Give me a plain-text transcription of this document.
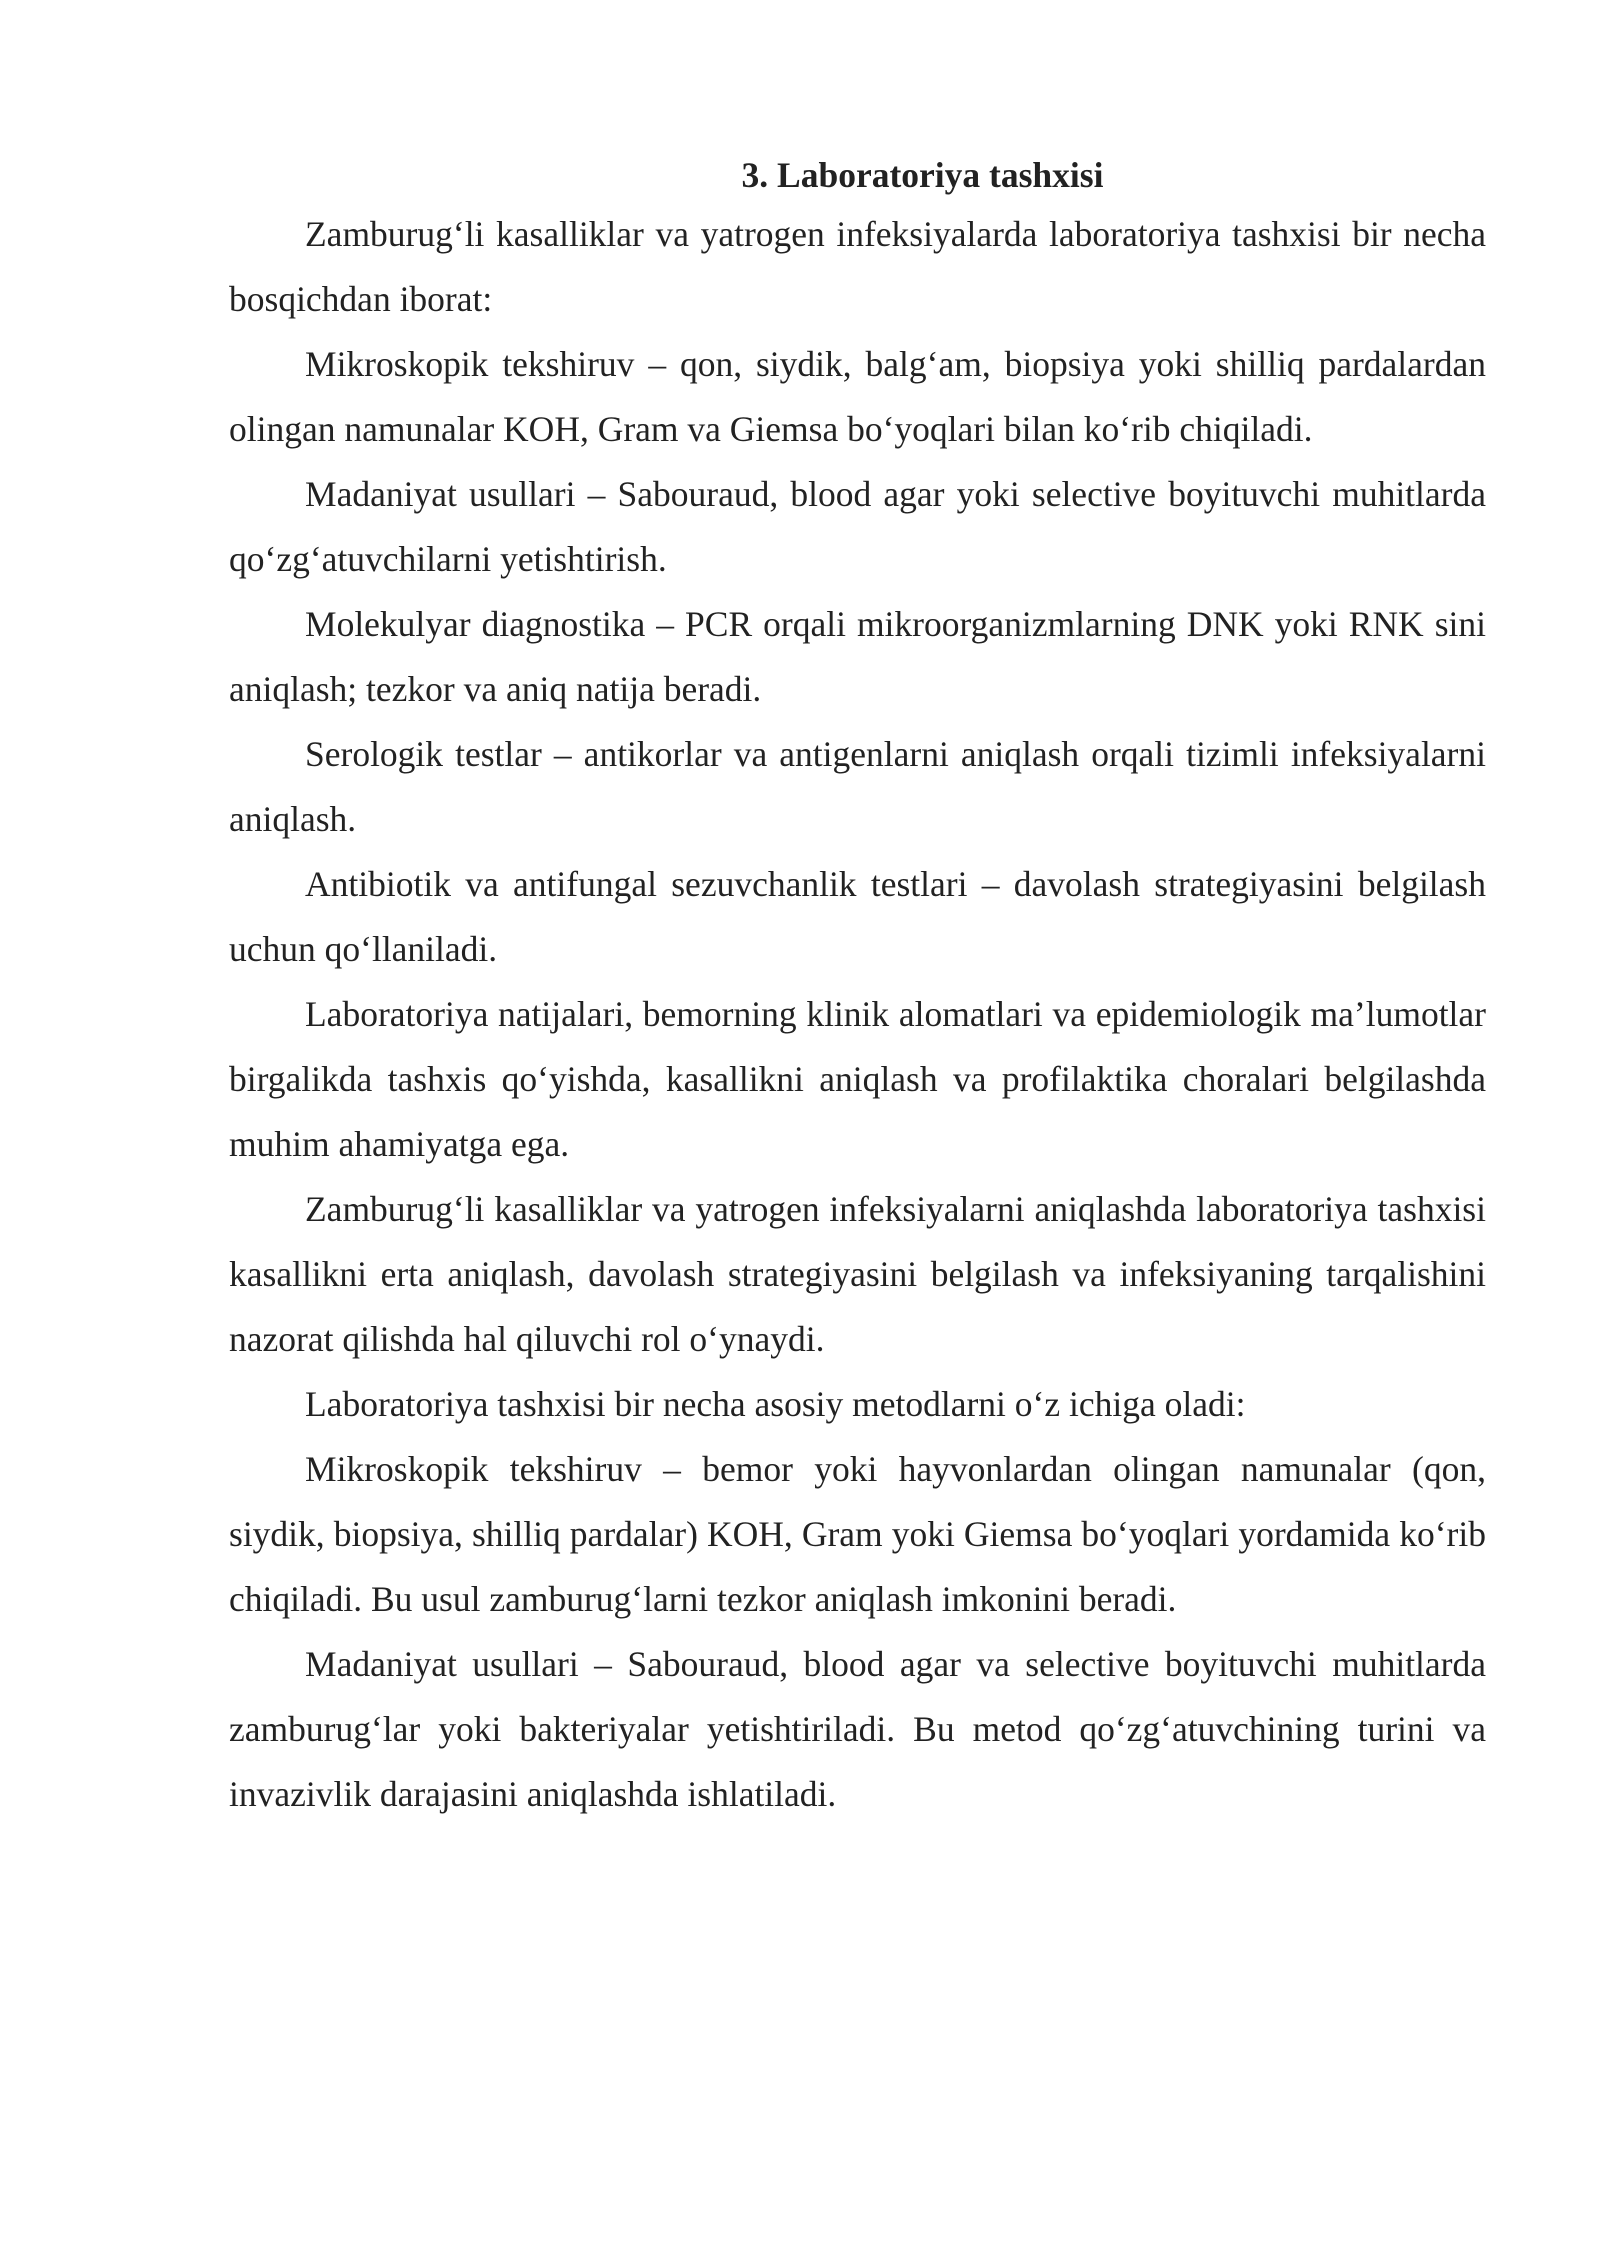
3. Laboratoriya tashxisi

Zamburug‘li kasalliklar va yatrogen infeksiyalarda laboratoriya tashxisi bir necha bosqichdan iborat:

Mikroskopik tekshiruv – qon, siydik, balg‘am, biopsiya yoki shilliq pardalardan olingan namunalar KOH, Gram va Giemsa bo‘yoqlari bilan ko‘rib chiqiladi.

Madaniyat usullari – Sabouraud, blood agar yoki selective boyituvchi muhitlarda qo‘zg‘atuvchilarni yetishtirish.

Molekulyar diagnostika – PCR orqali mikroorganizmlarning DNK yoki RNK sini aniqlash; tezkor va aniq natija beradi.

Serologik testlar – antikorlar va antigenlarni aniqlash orqali tizimli infeksiyalarni aniqlash.

Antibiotik va antifungal sezuvchanlik testlari – davolash strategiyasini belgilash uchun qo‘llaniladi.

Laboratoriya natijalari, bemorning klinik alomatlari va epidemiologik ma’lumotlar birgalikda tashxis qo‘yishda, kasallikni aniqlash va profilaktika choralari belgilashda muhim ahamiyatga ega.

Zamburug‘li kasalliklar va yatrogen infeksiyalarni aniqlashda laboratoriya tashxisi kasallikni erta aniqlash, davolash strategiyasini belgilash va infeksiyaning tarqalishini nazorat qilishda hal qiluvchi rol o‘ynaydi.

Laboratoriya tashxisi bir necha asosiy metodlarni o‘z ichiga oladi:

Mikroskopik tekshiruv – bemor yoki hayvonlardan olingan namunalar (qon, siydik, biopsiya, shilliq pardalar) KOH, Gram yoki Giemsa bo‘yoqlari yordamida ko‘rib chiqiladi. Bu usul zamburug‘larni tezkor aniqlash imkonini beradi.

Madaniyat usullari – Sabouraud, blood agar va selective boyituvchi muhitlarda zamburug‘lar yoki bakteriyalar yetishtiriladi. Bu metod qo‘zg‘atuvchining turini va invazivlik darajasini aniqlashda ishlatiladi.
